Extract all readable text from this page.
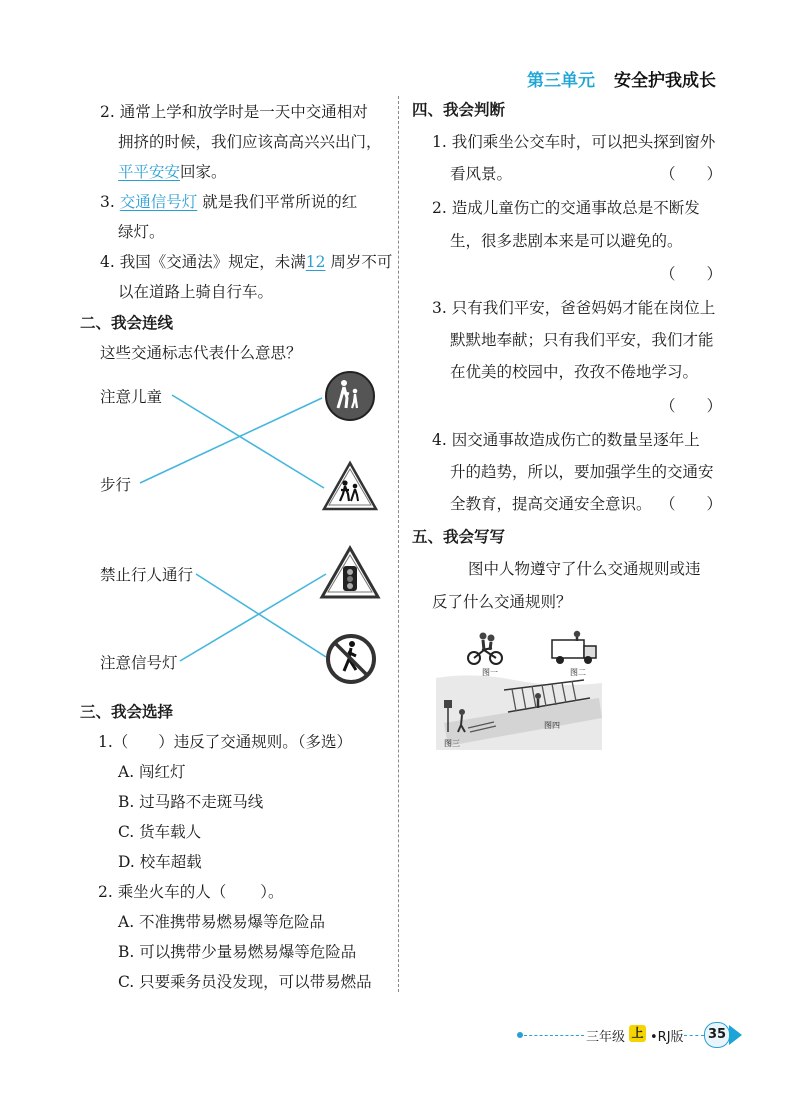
第三单元 安全护我成长
2. 通常上学和放学时是一天中交通相对
拥挤的时候，我们应该高高兴兴出门，
平平安安回家。
3. 交通信号灯 就是我们平常所说的红
绿灯。
4. 我国《交通法》规定，未满12 周岁不可
以在道路上骑自行车。
二、我会连线
这些交通标志代表什么意思？
注意儿童
步行
禁止行人通行
注意信号灯
三、我会选择
1.（ ）违反了交通规则。（多选）
A. 闯红灯
B. 过马路不走斑马线
C. 货车载人
D. 校车超载
2. 乘坐火车的人（ ）。
A. 不准携带易燃易爆等危险品
B. 可以携带少量易燃易爆等危险品
C. 只要乘务员没发现，可以带易燃品
四、我会判断
1. 我们乘坐公交车时，可以把头探到窗外
看风景。	（　　）
2. 造成儿童伤亡的交通事故总是不断发
生，很多悲剧本来是可以避免的。
（　　）
3. 只有我们平安，爸爸妈妈才能在岗位上
默默地奉献；只有我们平安，我们才能
在优美的校园中，孜孜不倦地学习。
（　　）
4. 因交通事故造成伤亡的数量呈逐年上
升的趋势，所以，要加强学生的交通安
全教育，提高交通安全意识。 （　　）
五、我会写写
图中人物遵守了什么交通规则或违
反了什么交通规则？
图一	图二
图三
图四
三年级 上 •RJ版	35
